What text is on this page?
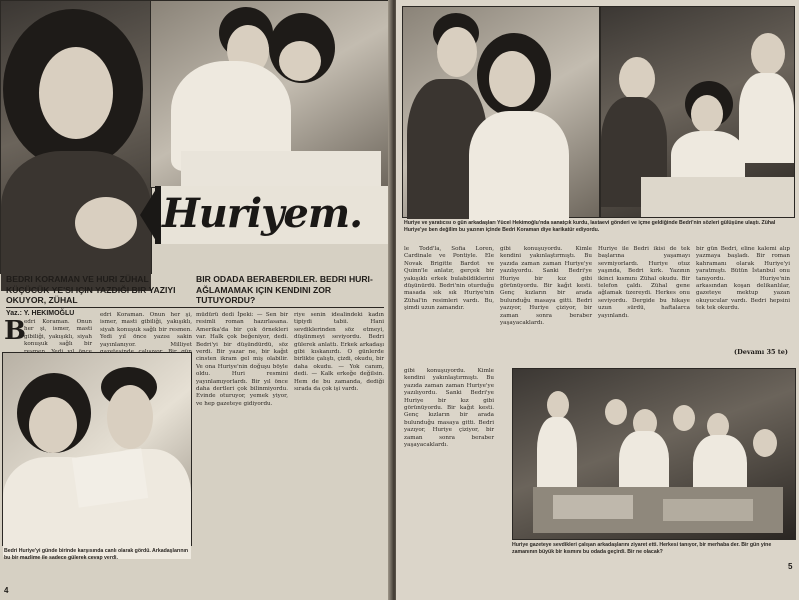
Huriyem.
BEDRI KORAMAN VE HURI ZÜHAL KÜÇÜCÜK YE'SI IÇIN YAZDIĞI BIR YAZIYI OKUYOR, ZÜHAL
BIR ODADA BERABERDILER. BEDRI HURI- AĞLAMAMAK IÇIN KENDINI ZOR TUTUYORDU?
Yaz.: Y. HEKIMOĞLU
B
edri Koraman. Onun her şi, ismer, masti gibiliği, yakışıklı, siyah konuşuk sağlı bir
edri Koraman. Onun her şi, ismer, masti gibiliği, yakışıklı, siyah konuşuk sağlı bir resmen. Yedi yıl önce yazısı sakin yayınlanıyor. Milliyet
müdürü dedi İpeki: — Sen bir resimli roman hazırlasana. Amerika'da bir çok örnekleri var. Halk çok beğeniyor, dedi. Bedri'yi bir düşündürdü, söz verdi. Bir yazar ne, bir kağıt cinsten ikram gel miş olabilir. Ve ona Huriye'nin doğuşu böyle oldu. Huri resmini yayınlamıyorlardı. Bir yıl önce daha dertleri çok bilinmiyordu. Evinde oturuyor, yemek yiyor, ve hep gazeteye gidiyordu.
riye senin idealindeki kadın tipiydi tabii. Hani sevdiklerinden söz etmeyi, düşünmeyi seviyordu. Bedri gülerek anlattı. Erkek arkadaşı gibi kıskanırdı. O günlerde birlikte çalıştı, çizdi, okudu, bir daha okudu. — Yok canım, dedi. — Kalk erkeğe değilsin. Hem de bu zamanda, dediği sırada da çok işi vardı.
Bedri Huriye'yi günde birinde karşısında canlı olarak gördü. Arkadaşlarının bu bir mazlime ile sadece gülerek cevap verdi.
4
Huriye ve yaratıcısı o gün arkadaşları Yücel Hekimoğlu'nda sanatçık kurdu, lastaevi gönderi ve içme geldiğinde Bedri'nin sözleri gülüşüne ulaştı. Zühal Huriye'ye ben değilim bu yazının içinde Bedri Koraman diye karikatür ediyordu.
le Todd'la, Sofia Loren, Cardinale ve Pontiyle. Ele Novak Brigitte Bardot ve Quinn'le anlatır, gerçek bir yakışıklı erkek bulabildiklerini düşünürdü. Bedri'nin oturduğu masada sık sık Huriye'nin Zühal'in resimleri vardı. Bu, şimdi uzun zamandır.
gibi konuşuyordu. Kimle kendini yakınlaştırmıştı. Bu yazıda zaman zaman Huriye'ye yazılıyordu. Sanki Bedri'ye Huriye bir kız gibi görünüyordu. Bir kağıt kesti. Genç kızların bir arada bulunduğu masaya gitti. Bedri yazıyor, Huriye çiziyor, bir zaman sonra beraber yaşayacaklardı.
Huriye ile Bedri ikisi de tek başlarına yaşamayı sevmiyorlardı. Huriye otuz yaşında, Bedri kırk. Yazının ikinci kısmını Zühal okudu. Bir telefon çaldı. Zühal gene ağlamak üzereydi. Herkes onu seviyordu. Dergide bu hikaye uzun sürdü, haftalarca yayınlandı.
bir gün Bedri, eline kalemi alıp yazmaya başladı. Bir roman kahramanı olarak Huriye'yi yaratmıştı. Bütün İstanbul onu tanıyordu. Huriye'nin arkasından koşan delikanlılar, gazeteye mektup yazan okuyucular vardı. Bedri hepsini tek tek okurdu.
(Devamı 35 te)
gibi konuşuyordu. Kimle kendini yakınlaştırmıştı. Bu yazıda zaman zaman Huriye'ye yazılıyordu. Sanki Bedri'ye Huriye bir kız gibi görünüyordu. Bir kağıt kesti. Genç kızların bir arada bulunduğu masaya gitti. Bedri yazıyor, Huriye çiziyor, bir zaman sonra beraber yaşayacaklardı.
Huriye gazeteye sevdikleri çalışan arkadaşlarını ziyaret etti. Herkesi tanıyor, bir merhaba der. Bir gün yine zamanının büyük bir kısmını bu odada geçirdi. Bir ne olacak?
5
